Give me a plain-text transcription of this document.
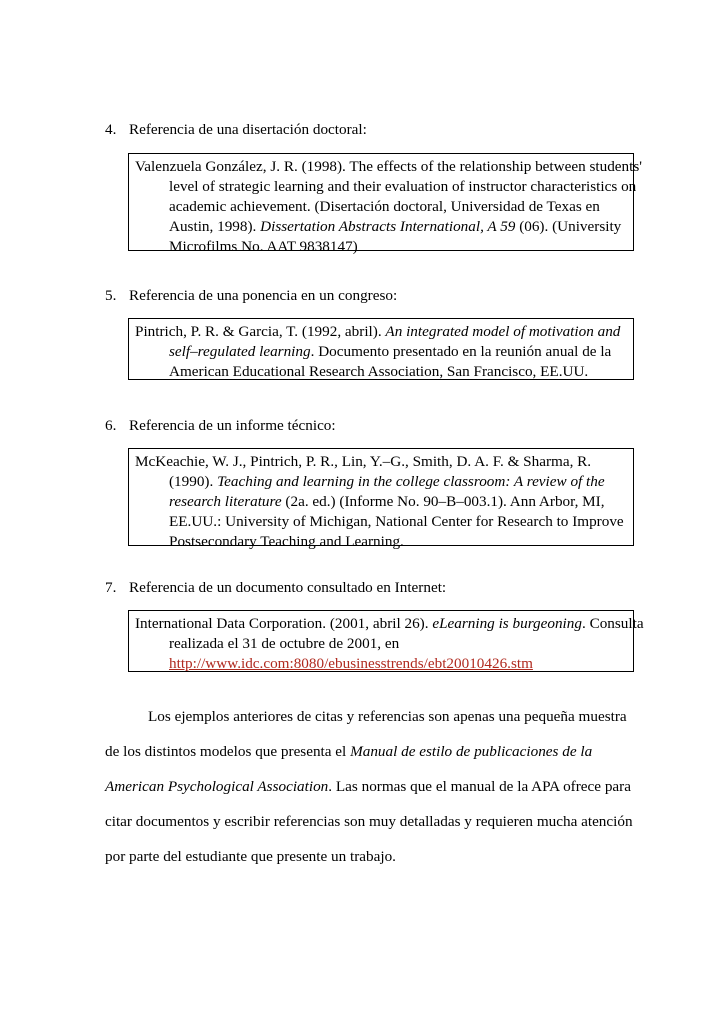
4. Referencia de una disertación doctoral:
Valenzuela González, J. R. (1998). The effects of the relationship between students'
level of strategic learning and their evaluation of instructor characteristics on
academic achievement. (Disertación doctoral, Universidad de Texas en
Austin, 1998). Dissertation Abstracts International, A 59 (06). (University
Microfilms No. AAT 9838147)
5. Referencia de una ponencia en un congreso:
Pintrich, P. R. & Garcia, T. (1992, abril). An integrated model of motivation and
self–regulated learning. Documento presentado en la reunión anual de la
American Educational Research Association, San Francisco, EE.UU.
6. Referencia de un informe técnico:
McKeachie, W. J., Pintrich, P. R., Lin, Y.–G., Smith, D. A. F. & Sharma, R.
(1990). Teaching and learning in the college classroom: A review of the
research literature (2a. ed.) (Informe No. 90–B–003.1). Ann Arbor, MI,
EE.UU.: University of Michigan, National Center for Research to Improve
Postsecondary Teaching and Learning.
7. Referencia de un documento consultado en Internet:
International Data Corporation. (2001, abril 26). eLearning is burgeoning. Consulta
realizada el 31 de octubre de 2001, en
http://www.idc.com:8080/ebusinesstrends/ebt20010426.stm
Los ejemplos anteriores de citas y referencias son apenas una pequeña muestra
de los distintos modelos que presenta el Manual de estilo de publicaciones de la
American Psychological Association. Las normas que el manual de la APA ofrece para
citar documentos y escribir referencias son muy detalladas y requieren mucha atención
por parte del estudiante que presente un trabajo.
